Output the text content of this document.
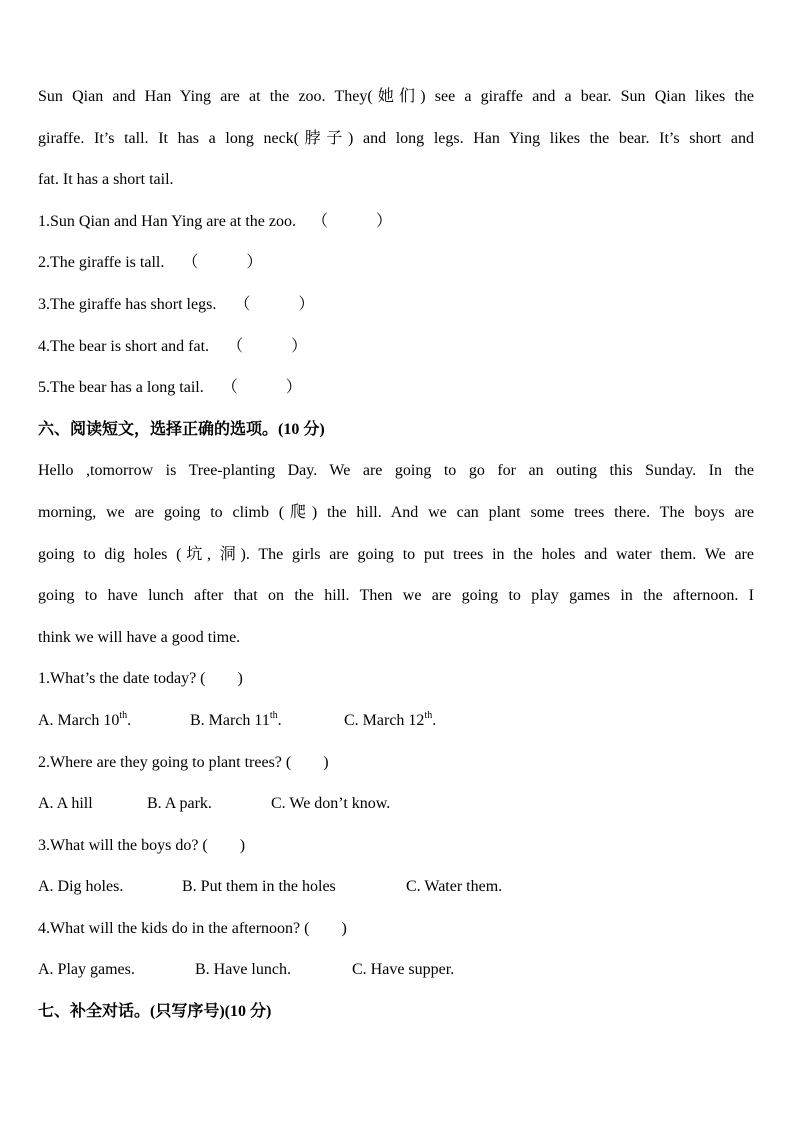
Sun Qian and Han Ying are at the zoo. They(她们) see a giraffe and a bear. Sun Qian likes the
giraffe. It’s tall. It has a long neck(脖子) and long legs. Han Ying likes the bear. It’s short and
fat. It has a short tail.
1.Sun Qian and Han Ying are at the zoo. （　　　）
2.The giraffe is tall. （　　　）
3.The giraffe has short legs. （　　　）
4.The bear is short and fat. （　　　）
5.The bear has a long tail. （　　　）
六、阅读短文，选择正确的选项。(10 分)
Hello ,tomorrow is Tree-planting Day. We are going to go for an outing this Sunday. In the
morning, we are going to climb (爬) the hill. And we can plant some trees there. The boys are
going to dig holes (坑, 洞). The girls are going to put trees in the holes and water them. We are
going to have lunch after that on the hill. Then we are going to play games in the afternoon. I
think we will have a good time.
1.What’s the date today? (　　)
A. March 10th.	B. March 11th.	C. March 12th.
2.Where are they going to plant trees? (　　)
A. A hill	B. A park.	C. We don’t know.
3.What will the boys do? (　　)
A. Dig holes.	B. Put them in the holes	C. Water them.
4.What will the kids do in the afternoon? (　　)
A. Play games.	B. Have lunch.	C. Have supper.
七、补全对话。(只写序号)(10 分)
